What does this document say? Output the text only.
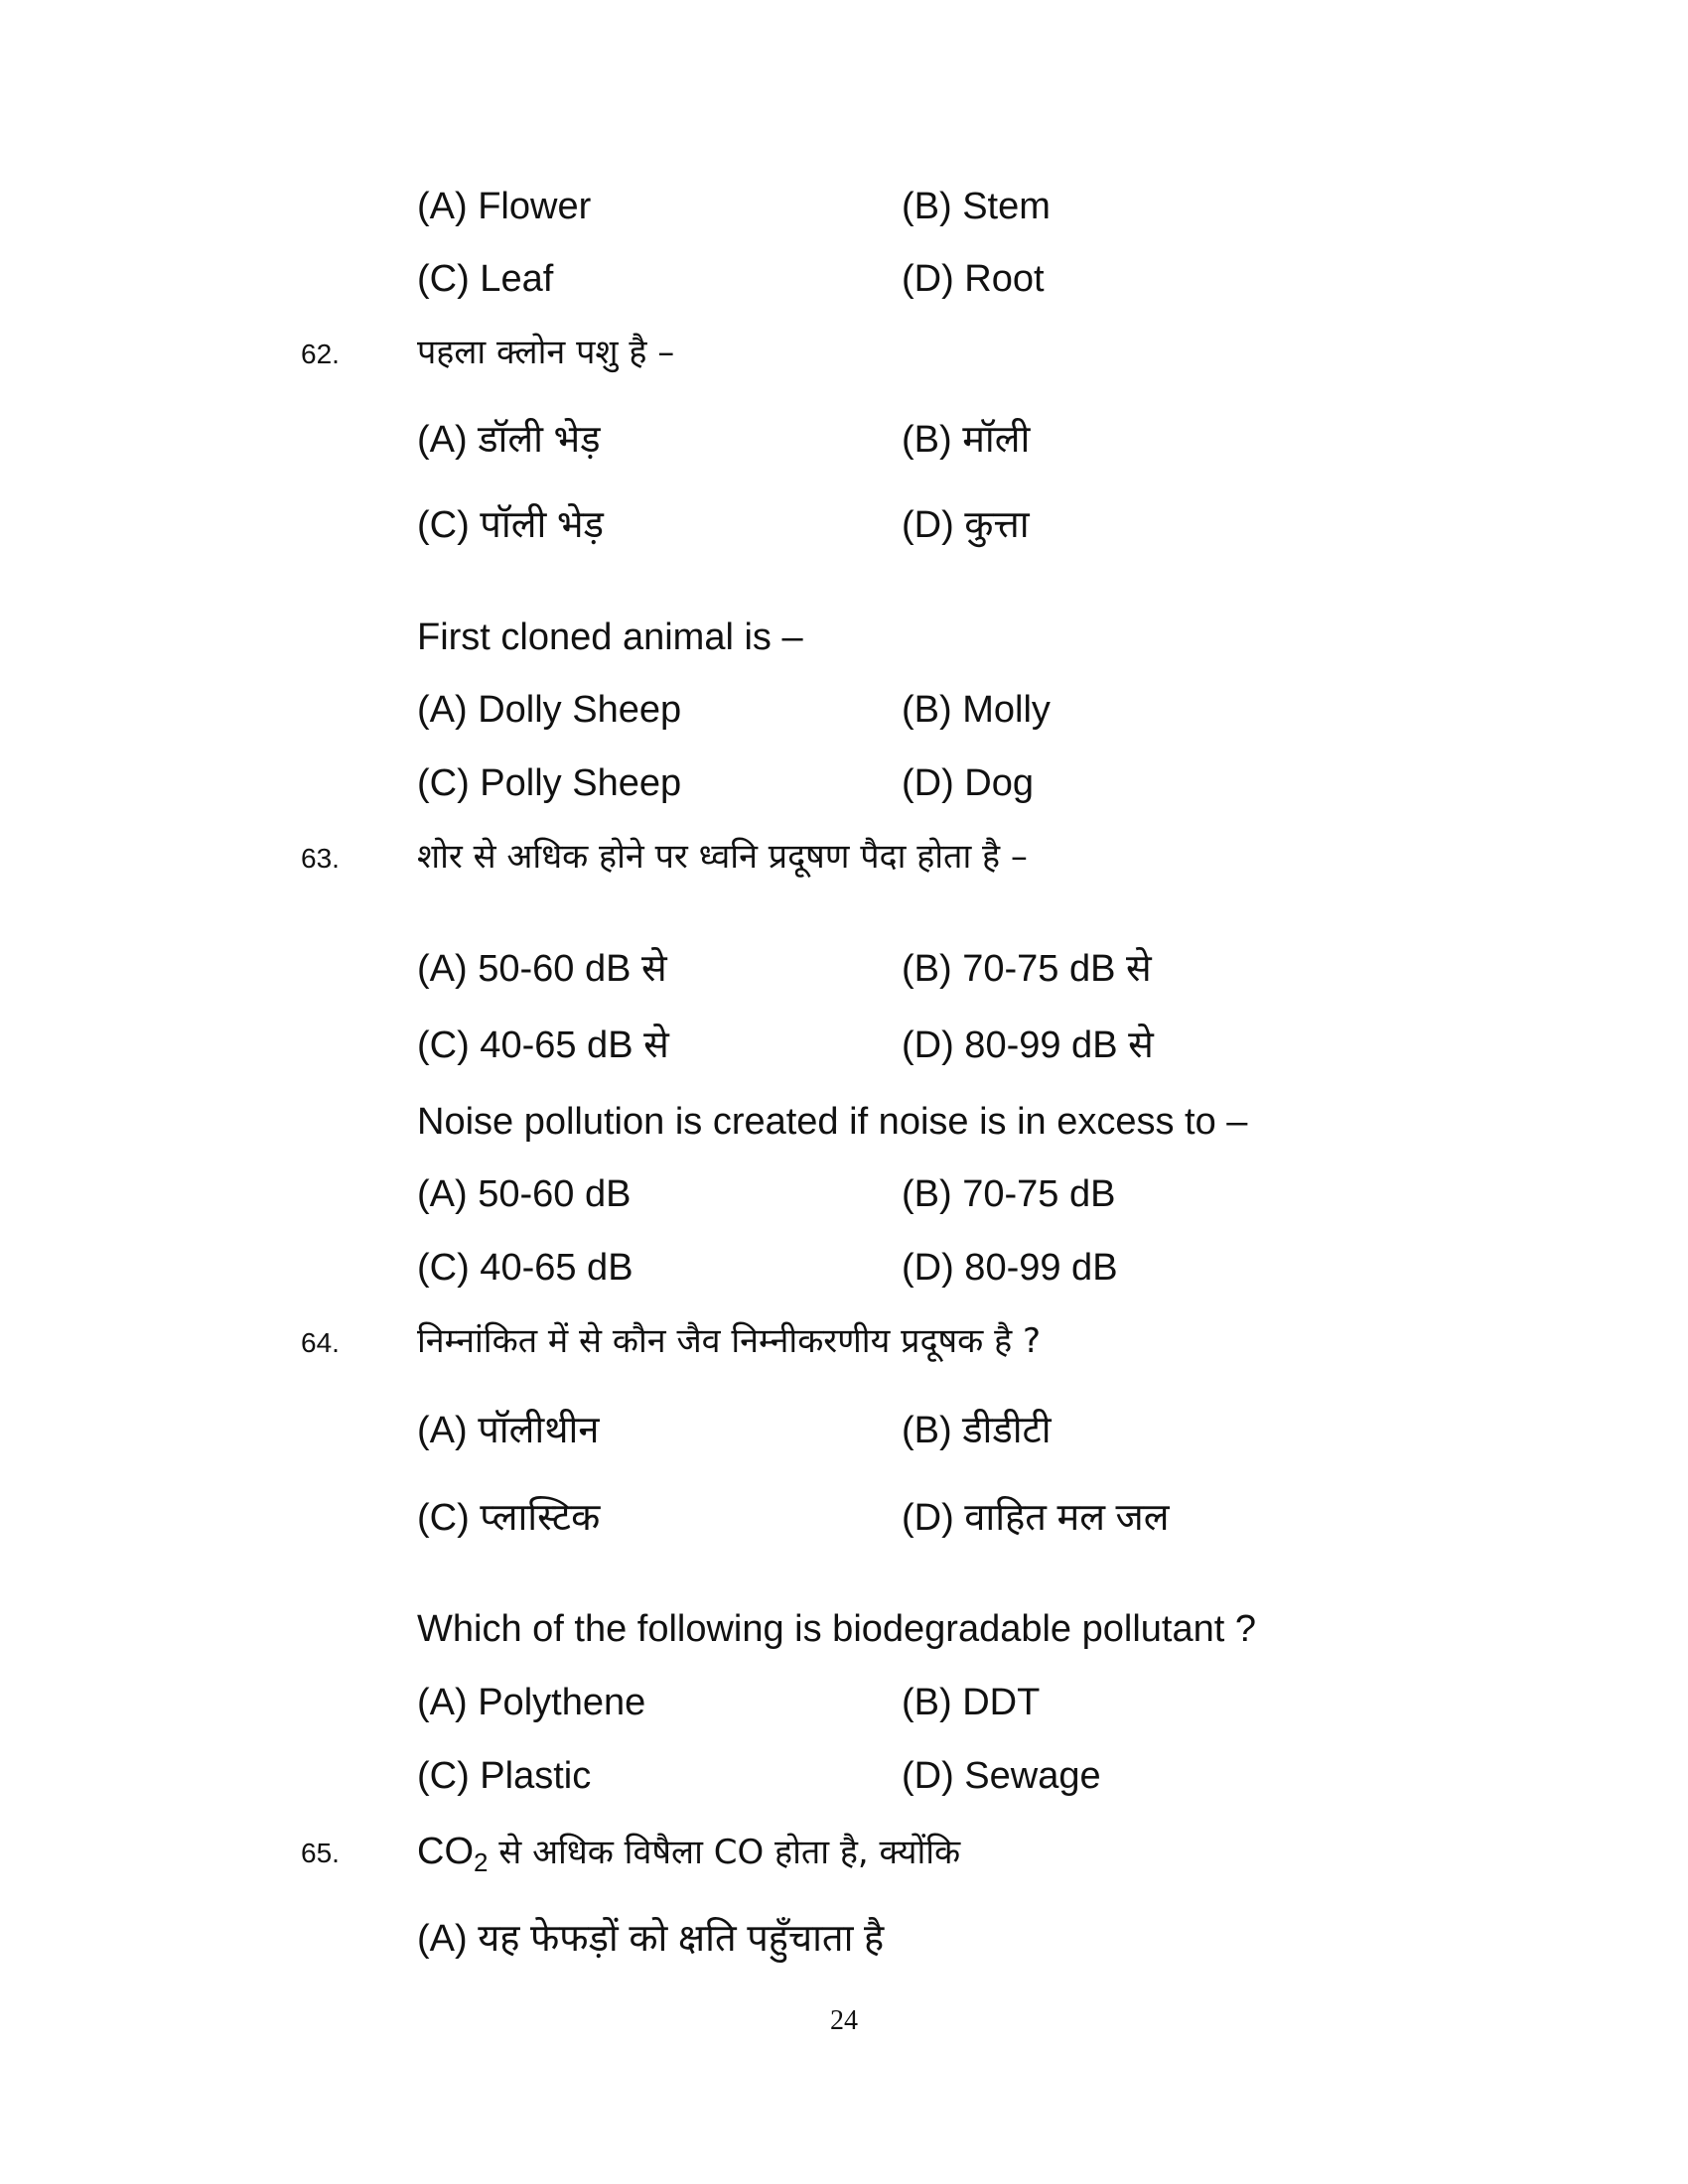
(A) Flower	(B) Stem
(C) Leaf	(D) Root
62. पहला क्लोन पशु है –
(A) डॉली भेड़	(B) मॉली
(C) पॉली भेड़	(D) कुत्ता
First cloned animal is –
(A) Dolly Sheep	(B) Molly
(C) Polly Sheep	(D) Dog
63. शोर से अधिक होने पर ध्वनि प्रदूषण पैदा होता है –
(A) 50-60 dB से	(B) 70-75 dB से
(C) 40-65 dB से	(D) 80-99 dB से
Noise pollution is created if noise is in excess to –
(A) 50-60 dB	(B) 70-75 dB
(C) 40-65 dB	(D) 80-99 dB
64. निम्नांकित में से कौन जैव निम्नीकरणीय प्रदूषक है ?
(A) पॉलीथीन	(B) डीडीटी
(C) प्लास्टिक	(D) वाहित मल जल
Which of the following is biodegradable pollutant ?
(A) Polythene	(B) DDT
(C) Plastic	(D) Sewage
65. $CO_2$ से अधिक विषैला CO होता है, क्योंकि
(A) यह फेफड़ों को क्षति पहुँचाता है
24
